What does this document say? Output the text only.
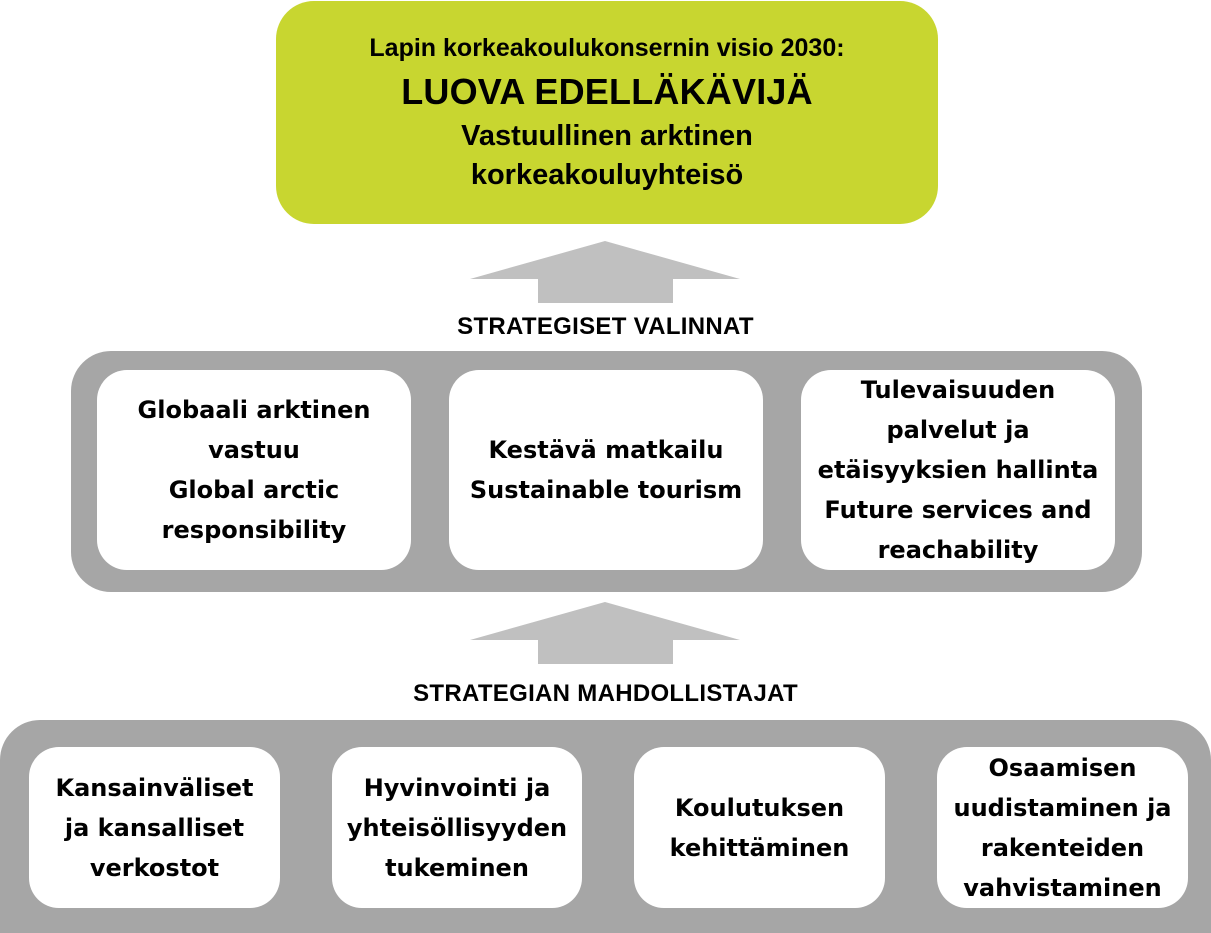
Lapin korkeakoulukonsernin visio 2030:
LUOVA EDELLÄKÄVIJÄ
Vastuullinen arktinen
korkeakouluyhteisö
STRATEGISET VALINNAT
Globaali arktinen
vastuu
Global arctic
responsibility
Kestävä matkailu
Sustainable tourism
Tulevaisuuden
palvelut ja
etäisyyksien hallinta
Future services and
reachability
STRATEGIAN MAHDOLLISTAJAT
Kansainväliset
ja kansalliset
verkostot
Hyvinvointi ja
yhteisöllisyyden
tukeminen
Koulutuksen
kehittäminen
Osaamisen
uudistaminen ja
rakenteiden
vahvistaminen
